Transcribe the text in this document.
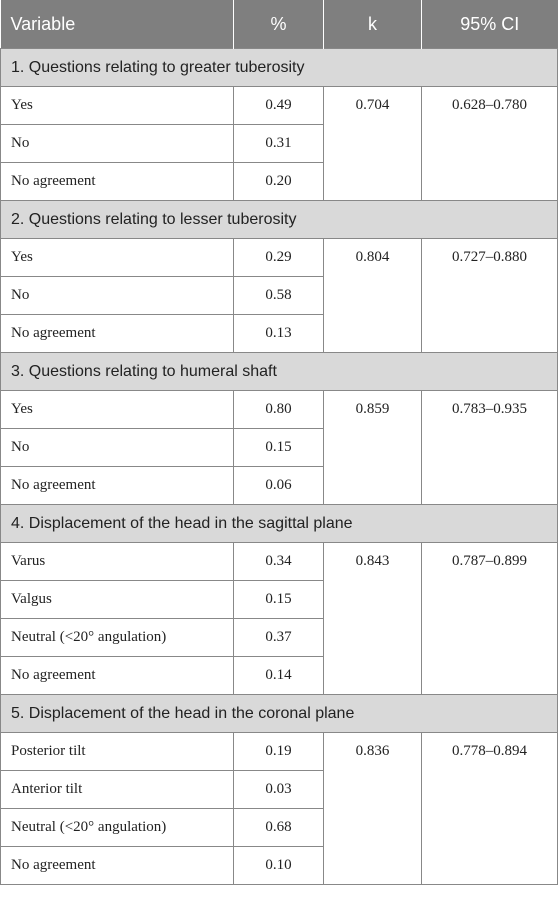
Variable	%	k	95% CI
1. Questions relating to greater tuberosity			
Yes	0.49	0.704	0.628–0.780
No	0.31		
No agreement	0.20		
2. Questions relating to lesser tuberosity			
Yes	0.29	0.804	0.727–0.880
No	0.58		
No agreement	0.13		
3. Questions relating to humeral shaft			
Yes	0.80	0.859	0.783–0.935
No	0.15		
No agreement	0.06		
4. Displacement of the head in the sagittal plane			
Varus	0.34	0.843	0.787–0.899
Valgus	0.15		
Neutral (<20° angulation)	0.37		
No agreement	0.14		
5. Displacement of the head in the coronal plane			
Posterior tilt	0.19	0.836	0.778–0.894
Anterior tilt	0.03		
Neutral (<20° angulation)	0.68		
No agreement	0.10		
